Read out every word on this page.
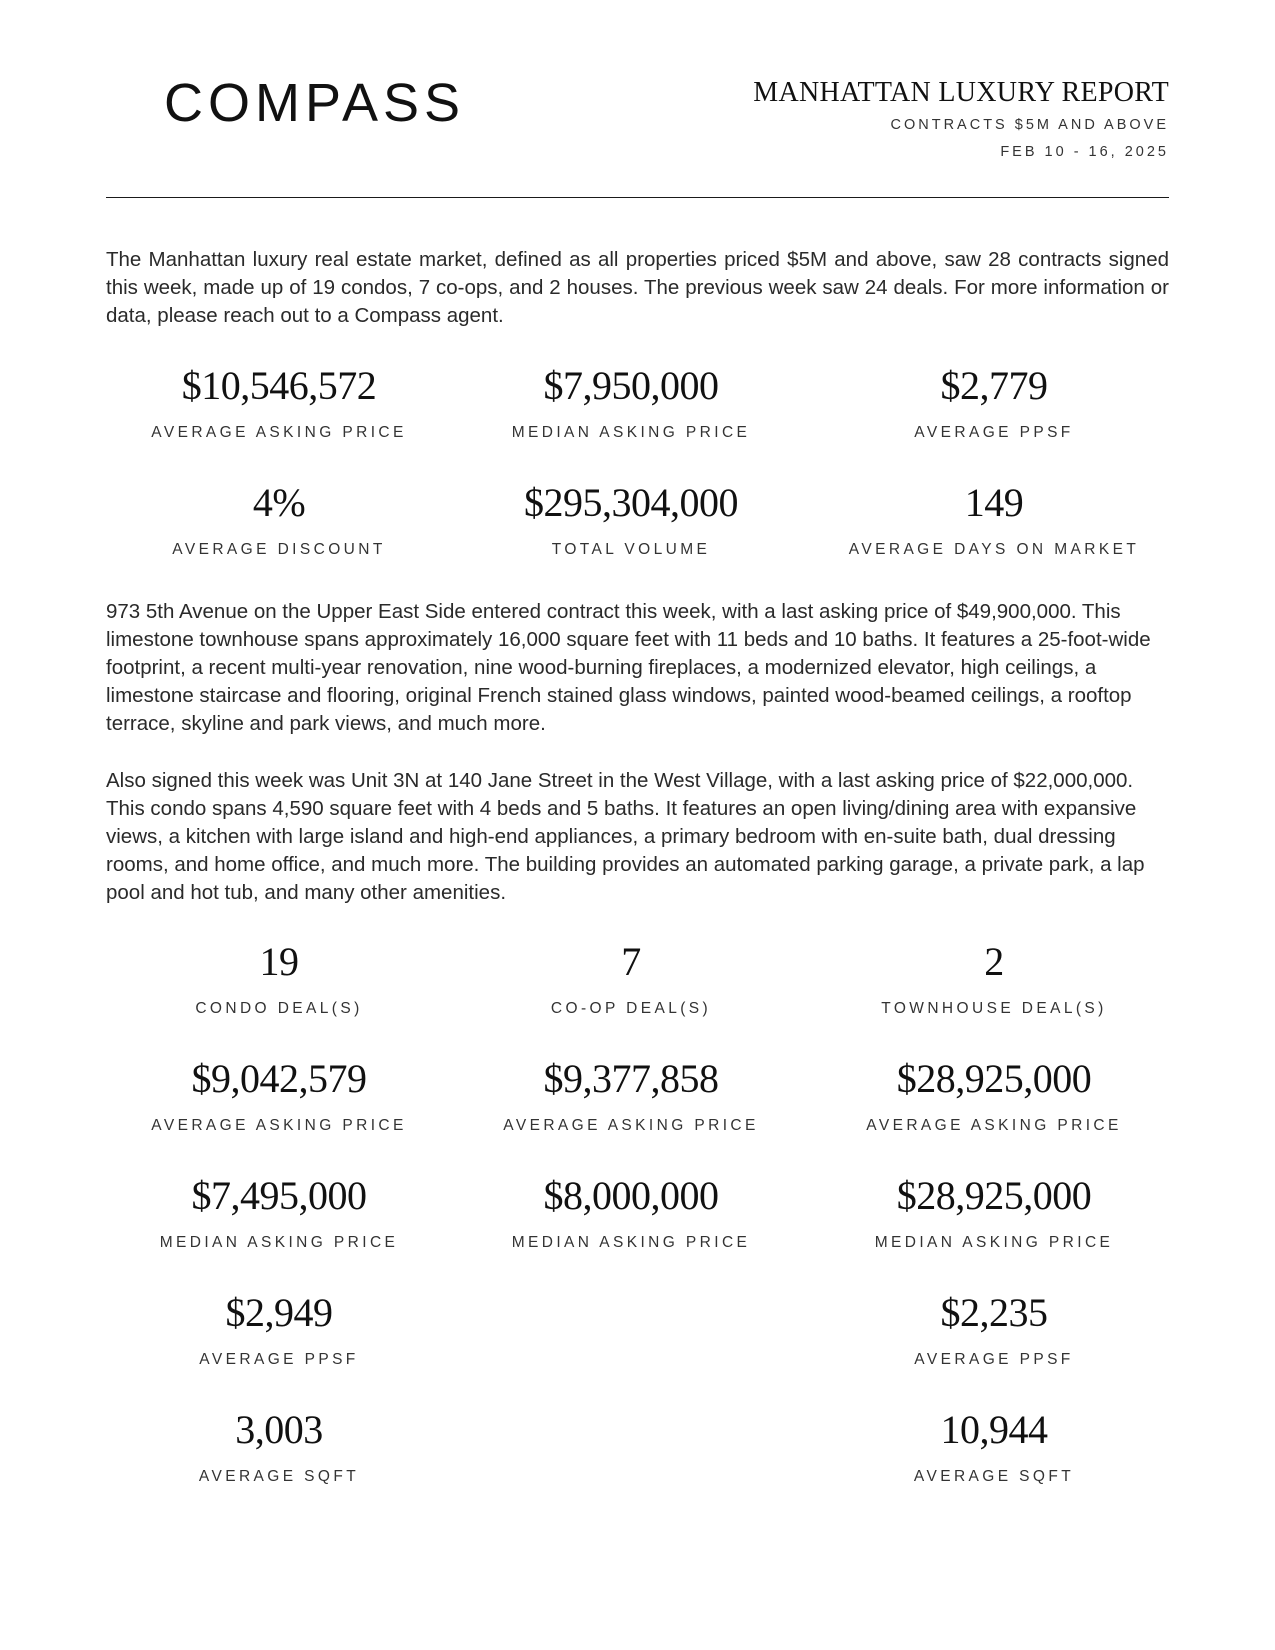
COMPASS	MANHATTAN LUXURY REPORT
CONTRACTS $5M AND ABOVE
FEB 10 - 16, 2025
The Manhattan luxury real estate market, defined as all properties priced $5M and above, saw 28 contracts signed this week, made up of 19 condos, 7 co-ops, and 2 houses. The previous week saw 24 deals. For more information or data, please reach out to a Compass agent.
$10,546,572
AVERAGE ASKING PRICE
$7,950,000
MEDIAN ASKING PRICE
$2,779
AVERAGE PPSF
4%
AVERAGE DISCOUNT
$295,304,000
TOTAL VOLUME
149
AVERAGE DAYS ON MARKET
973 5th Avenue on the Upper East Side entered contract this week, with a last asking price of $49,900,000. This limestone townhouse spans approximately 16,000 square feet with 11 beds and 10 baths. It features a 25-foot-wide footprint, a recent multi-year renovation, nine wood-burning fireplaces, a modernized elevator, high ceilings, a limestone staircase and flooring, original French stained glass windows, painted wood-beamed ceilings, a rooftop terrace, skyline and park views, and much more.
Also signed this week was Unit 3N at 140 Jane Street in the West Village, with a last asking price of $22,000,000. This condo spans 4,590 square feet with 4 beds and 5 baths. It features an open living/dining area with expansive views, a kitchen with large island and high-end appliances, a primary bedroom with en-suite bath, dual dressing rooms, and home office, and much more. The building provides an automated parking garage, a private park, a lap pool and hot tub, and many other amenities.
19
CONDO DEAL(S)
$9,042,579
AVERAGE ASKING PRICE
$7,495,000
MEDIAN ASKING PRICE
$2,949
AVERAGE PPSF
3,003
AVERAGE SQFT
7
CO-OP DEAL(S)
$9,377,858
AVERAGE ASKING PRICE
$8,000,000
MEDIAN ASKING PRICE
2
TOWNHOUSE DEAL(S)
$28,925,000
AVERAGE ASKING PRICE
$28,925,000
MEDIAN ASKING PRICE
$2,235
AVERAGE PPSF
10,944
AVERAGE SQFT
